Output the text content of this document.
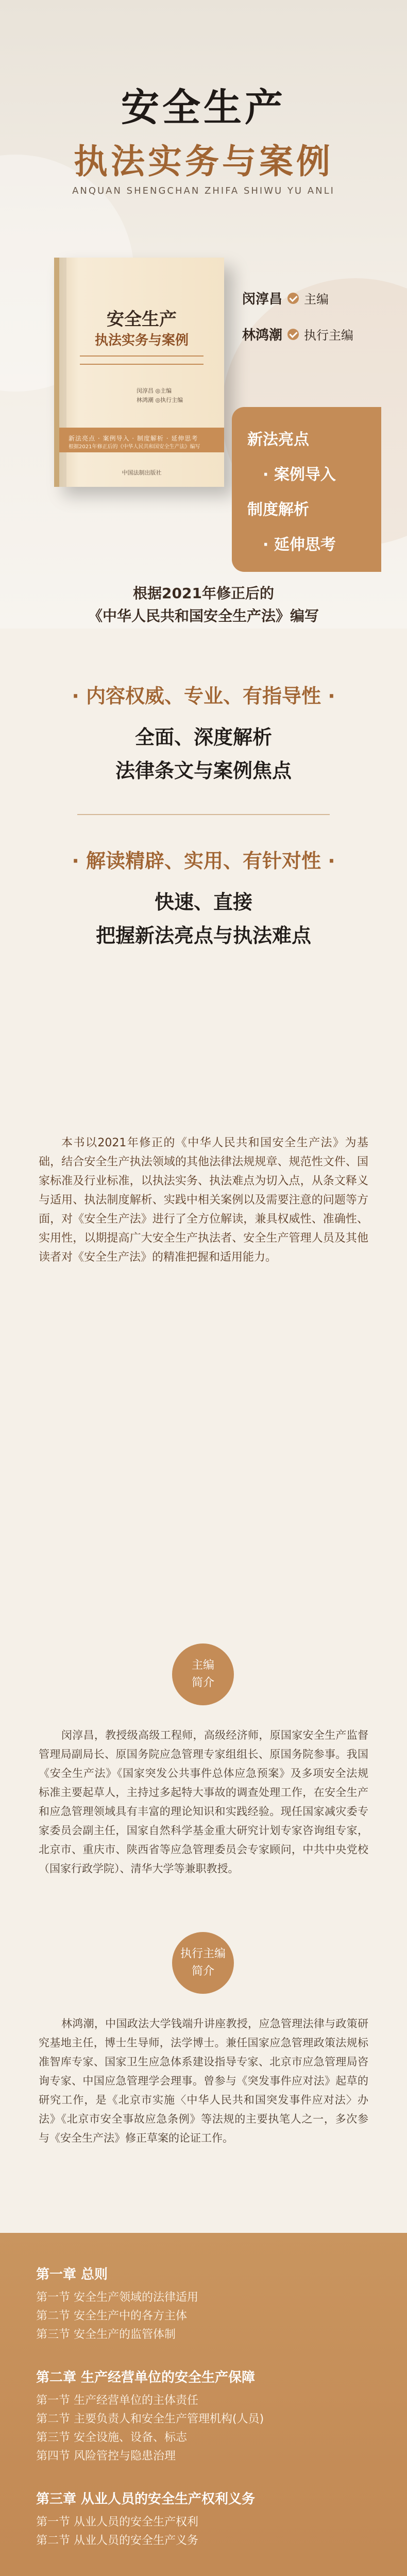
安全生产
执法实务与案例
ANQUAN SHENGCHAN ZHIFA SHIWU YU ANLI
安全生产
执法实务与案例
闵淳昌 ◎主编
林鸿潮 ◎执行主编
新法亮点 · 案例导入 · 制度解析 · 延伸思考
根据2021年修正后的《中华人民共和国安全生产法》编写
中国法制出版社
闵淳昌 主编
林鸿潮 执行主编
新法亮点
· 案例导入
制度解析
· 延伸思考
根据2021年修正后的
《中华人民共和国安全生产法》编写
· 内容权威、专业、有指导性 ·
全面、深度解析
法律条文与案例焦点
· 解读精辟、实用、有针对性 ·
快速、直接
把握新法亮点与执法难点
本书以2021年修正的《中华人民共和国安全生产法》为基础，结合安全生产执法领域的其他法律法规规章、规范性文件、国家标准及行业标准，以执法实务、执法难点为切入点，从条文释义与适用、执法制度解析、实践中相关案例以及需要注意的问题等方面，对《安全生产法》进行了全方位解读，兼具权威性、准确性、实用性，以期提高广大安全生产执法者、安全生产管理人员及其他读者对《安全生产法》的精准把握和适用能力。
主编
简介
闵淳昌，教授级高级工程师，高级经济师，原国家安全生产监督管理局副局长、原国务院应急管理专家组组长、原国务院参事。我国《安全生产法》《国家突发公共事件总体应急预案》及多项安全法规标准主要起草人，主持过多起特大事故的调查处理工作，在安全生产和应急管理领域具有丰富的理论知识和实践经验。现任国家减灾委专家委员会副主任，国家自然科学基金重大研究计划专家咨询组专家，北京市、重庆市、陕西省等应急管理委员会专家顾问，中共中央党校（国家行政学院）、清华大学等兼职教授。
执行主编
简介
林鸿潮，中国政法大学钱端升讲座教授，应急管理法律与政策研究基地主任，博士生导师，法学博士。兼任国家应急管理政策法规标准智库专家、国家卫生应急体系建设指导专家、北京市应急管理局咨询专家、中国应急管理学会理事。曾参与《突发事件应对法》起草的研究工作，是《北京市实施〈中华人民共和国突发事件应对法〉办法》《北京市安全事故应急条例》等法规的主要执笔人之一，多次参与《安全生产法》修正草案的论证工作。
第一章 总则
第一节 安全生产领域的法律适用
第二节 安全生产中的各方主体
第三节 安全生产的监管体制
第二章 生产经营单位的安全生产保障
第一节 生产经营单位的主体责任
第二节 主要负责人和安全生产管理机构(人员)
第三节 安全设施、设备、标志
第四节 风险管控与隐患治理
第三章 从业人员的安全生产权利义务
第一节 从业人员的安全生产权利
第二节 从业人员的安全生产义务
